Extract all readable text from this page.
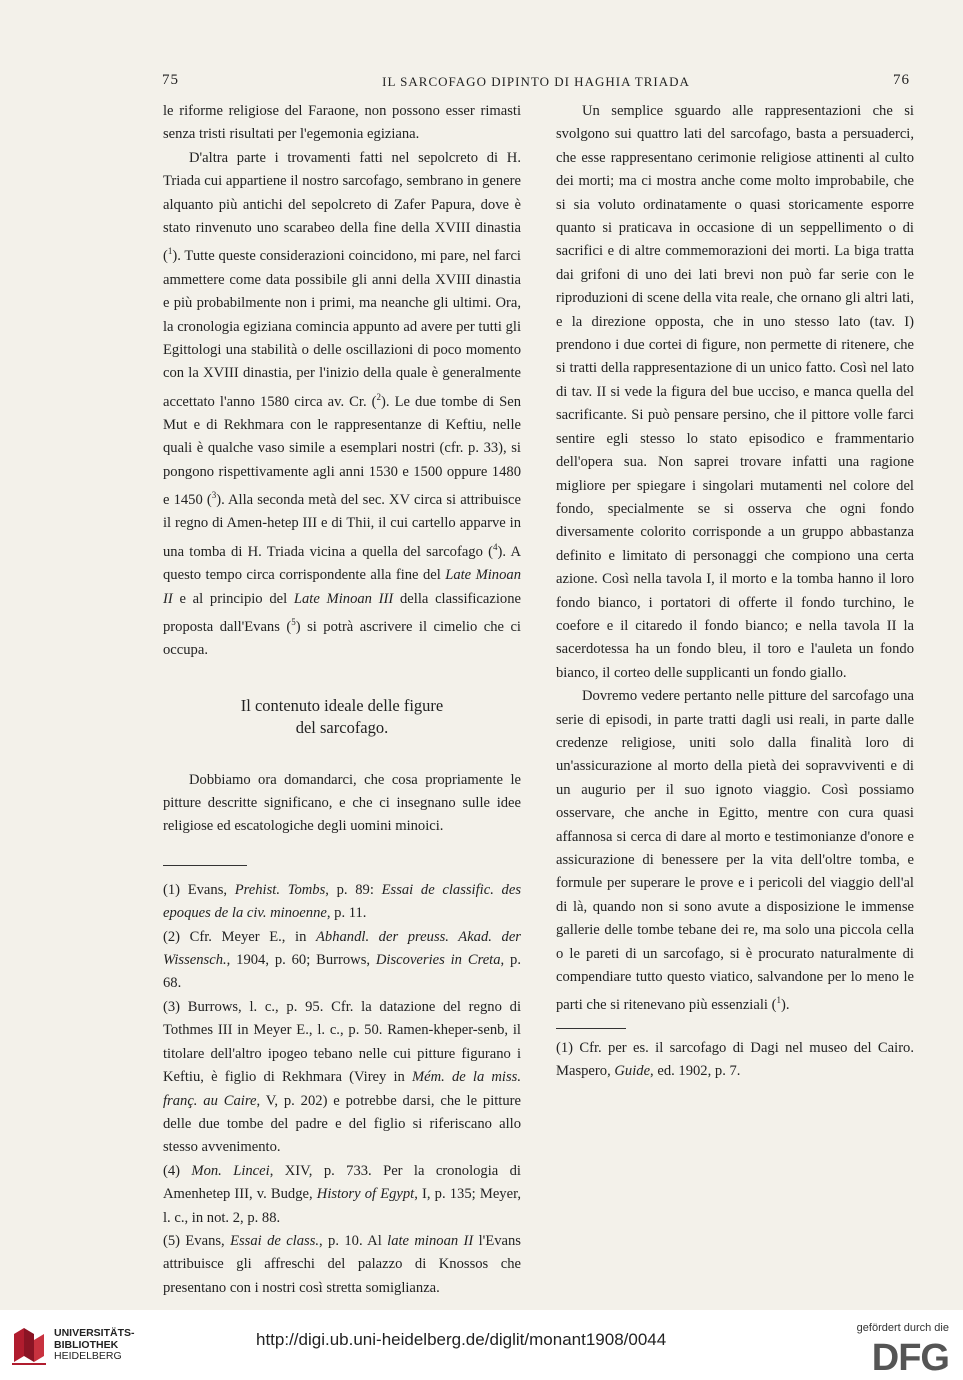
75	IL SARCOFAGO DIPINTO DI HAGHIA TRIADA	76

le riforme religiose del Faraone, non possono esser rimasti senza tristi risultati per l'egemonia egiziana.

D'altra parte i trovamenti fatti nel sepolcreto di H. Triada cui appartiene il nostro sarcofago, sembrano in genere alquanto più antichi del sepolcreto di Zafer Papura, dove è stato rinvenuto uno scarabeo della fine della XVIII dinastia ($^1$). Tutte queste considerazioni coincidono, mi pare, nel farci ammettere come data possibile gli anni della XVIII dinastia e più probabilmente non i primi, ma neanche gli ultimi. Ora, la cronologia egiziana comincia appunto ad avere per tutti gli Egittologi una stabilità o delle oscillazioni di poco momento con la XVIII dinastia, per l'inizio della quale è generalmente accettato l'anno 1580 circa av. Cr. ($^2$). Le due tombe di Sen Mut e di Rekhmara con le rappresentanze di Keftiu, nelle quali è qualche vaso simile a esemplari nostri (cfr. p. 33), si pongono rispettivamente agli anni 1530 e 1500 oppure 1480 e 1450 ($^3$). Alla seconda metà del sec. XV circa si attribuisce il regno di Amen-hetep III e di Thii, il cui cartello apparve in una tomba di H. Triada vicina a quella del sarcofago ($^4$). A questo tempo circa corrispondente alla fine del Late Minoan II e al principio del Late Minoan III della classificazione proposta dall'Evans ($^5$) si potrà ascrivere il cimelio che ci occupa.

Il contenuto ideale delle figure
del sarcofago.

Dobbiamo ora domandarci, che cosa propriamente le pitture descritte significano, e che ci insegnano sulle idee religiose ed escatologiche degli uomini minoici.

(1) Evans, Prehist. Tombs, p. 89: Essai de classific. des epoques de la civ. minoenne, p. 11.

(2) Cfr. Meyer E., in Abhandl. der preuss. Akad. der Wissensch., 1904, p. 60; Burrows, Discoveries in Creta, p. 68.

(3) Burrows, l. c., p. 95. Cfr. la datazione del regno di Tothmes III in Meyer E., l. c., p. 50. Ramen-kheper-senb, il titolare dell'altro ipogeo tebano nelle cui pitture figurano i Keftiu, è figlio di Rekhmara (Virey in Mém. de la miss. franç. au Caire, V, p. 202) e potrebbe darsi, che le pitture delle due tombe del padre e del figlio si riferiscano allo stesso avvenimento.

(4) Mon. Lincei, XIV, p. 733. Per la cronologia di Amenhetep III, v. Budge, History of Egypt, I, p. 135; Meyer, l. c., in not. 2, p. 88.

(5) Evans, Essai de class., p. 10. Al late minoan II l'Evans attribuisce gli affreschi del palazzo di Knossos che presentano con i nostri così stretta somiglianza.

Un semplice sguardo alle rappresentazioni che si svolgono sui quattro lati del sarcofago, basta a persuaderci, che esse rappresentano cerimonie religiose attinenti al culto dei morti; ma ci mostra anche come molto improbabile, che si sia voluto ordinatamente o quasi storicamente esporre quanto si praticava in occasione di un seppellimento o di sacrifici e di altre commemorazioni dei morti. La biga tratta dai grifoni di uno dei lati brevi non può far serie con le riproduzioni di scene della vita reale, che ornano gli altri lati, e la direzione opposta, che in uno stesso lato (tav. I) prendono i due cortei di figure, non permette di ritenere, che si tratti della rappresentazione di un unico fatto. Così nel lato di tav. II si vede la figura del bue ucciso, e manca quella del sacrificante. Si può pensare persino, che il pittore volle farci sentire egli stesso lo stato episodico e frammentario dell'opera sua. Non saprei trovare infatti una ragione migliore per spiegare i singolari mutamenti nel colore del fondo, specialmente se si osserva che ogni fondo diversamente colorito corrisponde a un gruppo abbastanza definito e limitato di personaggi che compiono una certa azione. Così nella tavola I, il morto e la tomba hanno il loro fondo bianco, i portatori di offerte il fondo turchino, le coefore e il citaredo il fondo bianco; e nella tavola II la sacerdotessa ha un fondo bleu, il toro e l'auleta un fondo bianco, il corteo delle supplicanti un fondo giallo.

Dovremo vedere pertanto nelle pitture del sarcofago una serie di episodi, in parte tratti dagli usi reali, in parte dalle credenze religiose, uniti solo dalla finalità loro di un'assicurazione al morto della pietà dei sopravviventi e di un augurio per il suo ignoto viaggio. Così possiamo osservare, che anche in Egitto, mentre con cura quasi affannosa si cerca di dare al morto e testimonianze d'onore e assicurazione di benessere per la vita dell'oltre tomba, e formule per superare le prove e i pericoli del viaggio dell'al di là, quando non si sono avute a disposizione le immense gallerie delle tombe tebane dei re, ma solo una piccola cella o le pareti di un sarcofago, si è procurato naturalmente di compendiare tutto questo viatico, salvandone per lo meno le parti che si ritenevano più essenziali ($^1$).

(1) Cfr. per es. il sarcofago di Dagi nel museo del Cairo. Maspero, Guide, ed. 1902, p. 7.

UNIVERSITÄTS-
BIBLIOTHEK
HEIDELBERG
http://digi.ub.uni-heidelberg.de/diglit/monant1908/0044
gefördert durch die
DFG
